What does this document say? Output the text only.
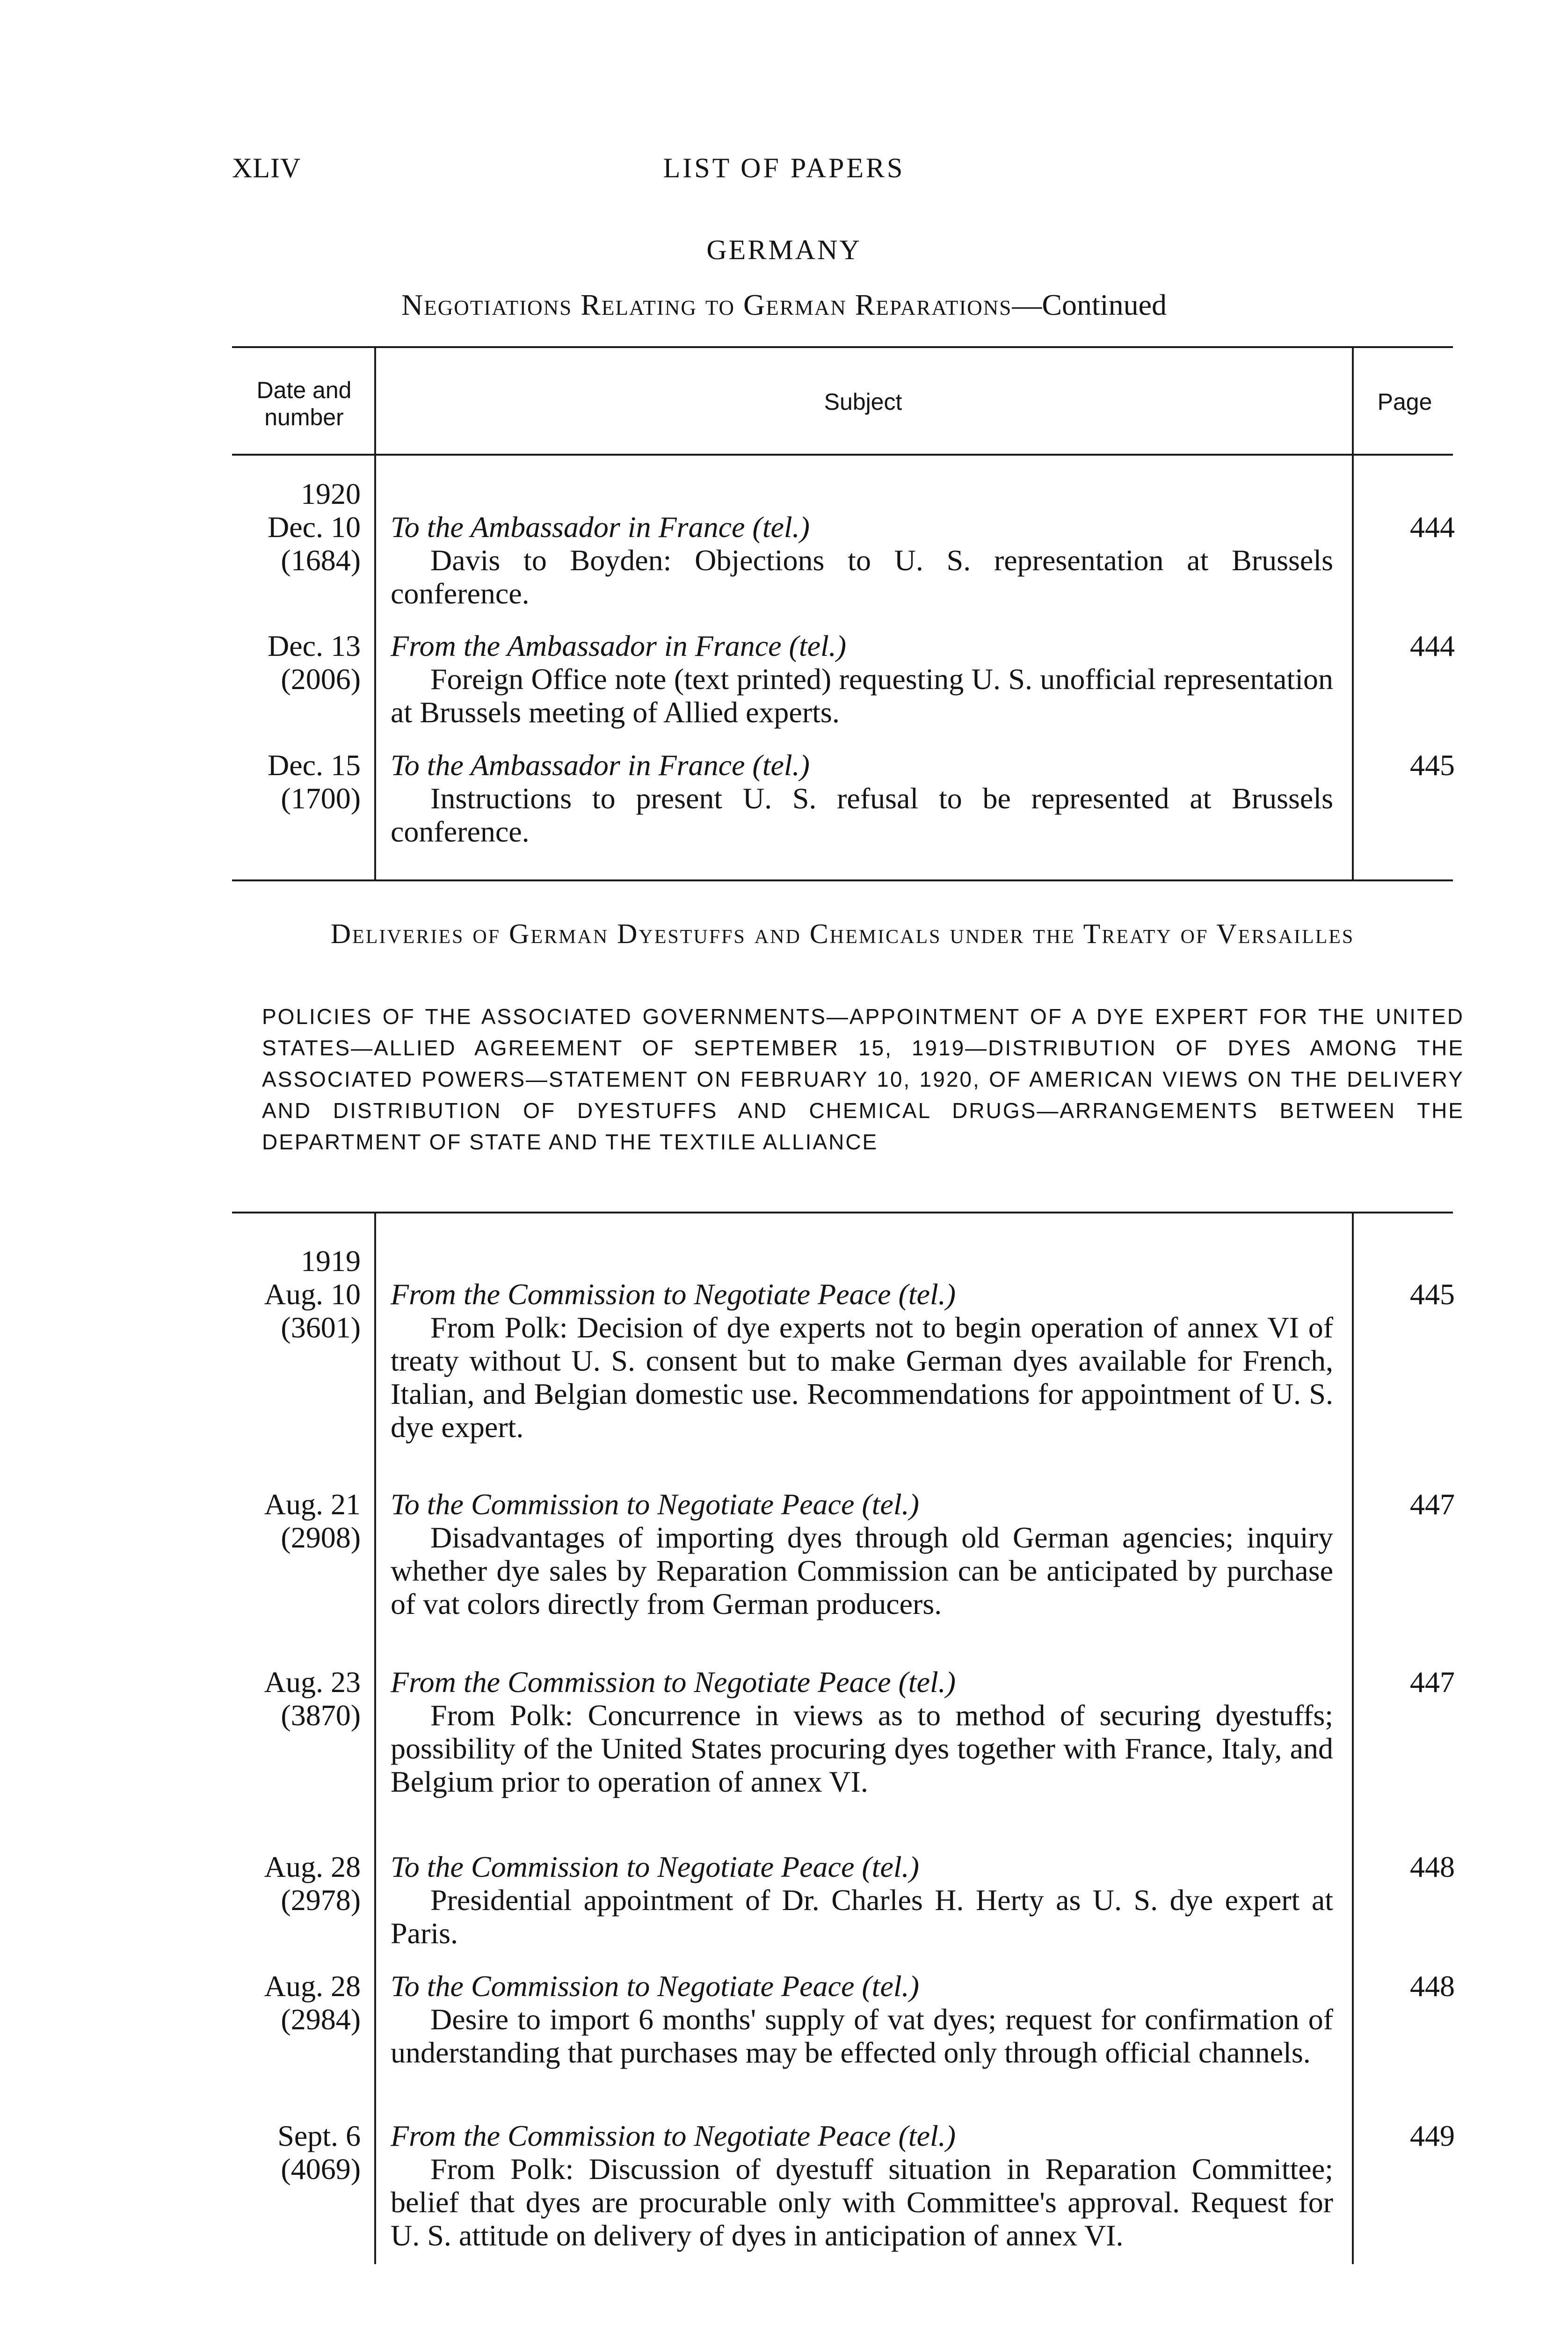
XLIV	LIST OF PAPERS
GERMANY
Negotiations Relating to German Reparations—Continued
Date and number
Subject	Page
1920
Dec. 10
(1684)
To the Ambassador in France (tel.)
Davis to Boyden: Objections to U. S. representation at Brussels conference.
444
Dec. 13
(2006)
From the Ambassador in France (tel.)
Foreign Office note (text printed) requesting U. S. unofficial representation at Brussels meeting of Allied experts.
444
Dec. 15
(1700)
To the Ambassador in France (tel.)
Instructions to present U. S. refusal to be represented at Brussels conference.
445
Deliveries of German Dyestuffs and Chemicals under the Treaty of Versailles
POLICIES OF THE ASSOCIATED GOVERNMENTS—APPOINTMENT OF A DYE EXPERT FOR THE UNITED STATES—ALLIED AGREEMENT OF SEPTEMBER 15, 1919—DISTRIBUTION OF DYES AMONG THE ASSOCIATED POWERS—STATEMENT ON FEBRUARY 10, 1920, OF AMERICAN VIEWS ON THE DELIVERY AND DISTRIBUTION OF DYESTUFFS AND CHEMICAL DRUGS—ARRANGEMENTS BETWEEN THE DEPARTMENT OF STATE AND THE TEXTILE ALLIANCE
1919
Aug. 10
(3601)
From the Commission to Negotiate Peace (tel.)
From Polk: Decision of dye experts not to begin operation of annex VI of treaty without U. S. consent but to make German dyes available for French, Italian, and Belgian domestic use. Recommendations for appointment of U. S. dye expert.
445
Aug. 21
(2908)
To the Commission to Negotiate Peace (tel.)
Disadvantages of importing dyes through old German agencies; inquiry whether dye sales by Reparation Commission can be anticipated by purchase of vat colors directly from German producers.
447
Aug. 23
(3870)
From the Commission to Negotiate Peace (tel.)
From Polk: Concurrence in views as to method of securing dyestuffs; possibility of the United States procuring dyes together with France, Italy, and Belgium prior to operation of annex VI.
447
Aug. 28
(2978)
To the Commission to Negotiate Peace (tel.)
Presidential appointment of Dr. Charles H. Herty as U. S. dye expert at Paris.
448
Aug. 28
(2984)
To the Commission to Negotiate Peace (tel.)
Desire to import 6 months' supply of vat dyes; request for confirmation of understanding that purchases may be effected only through official channels.
448
Sept. 6
(4069)
From the Commission to Negotiate Peace (tel.)
From Polk: Discussion of dyestuff situation in Reparation Committee; belief that dyes are procurable only with Committee's approval. Request for U. S. attitude on delivery of dyes in anticipation of annex VI.
449
